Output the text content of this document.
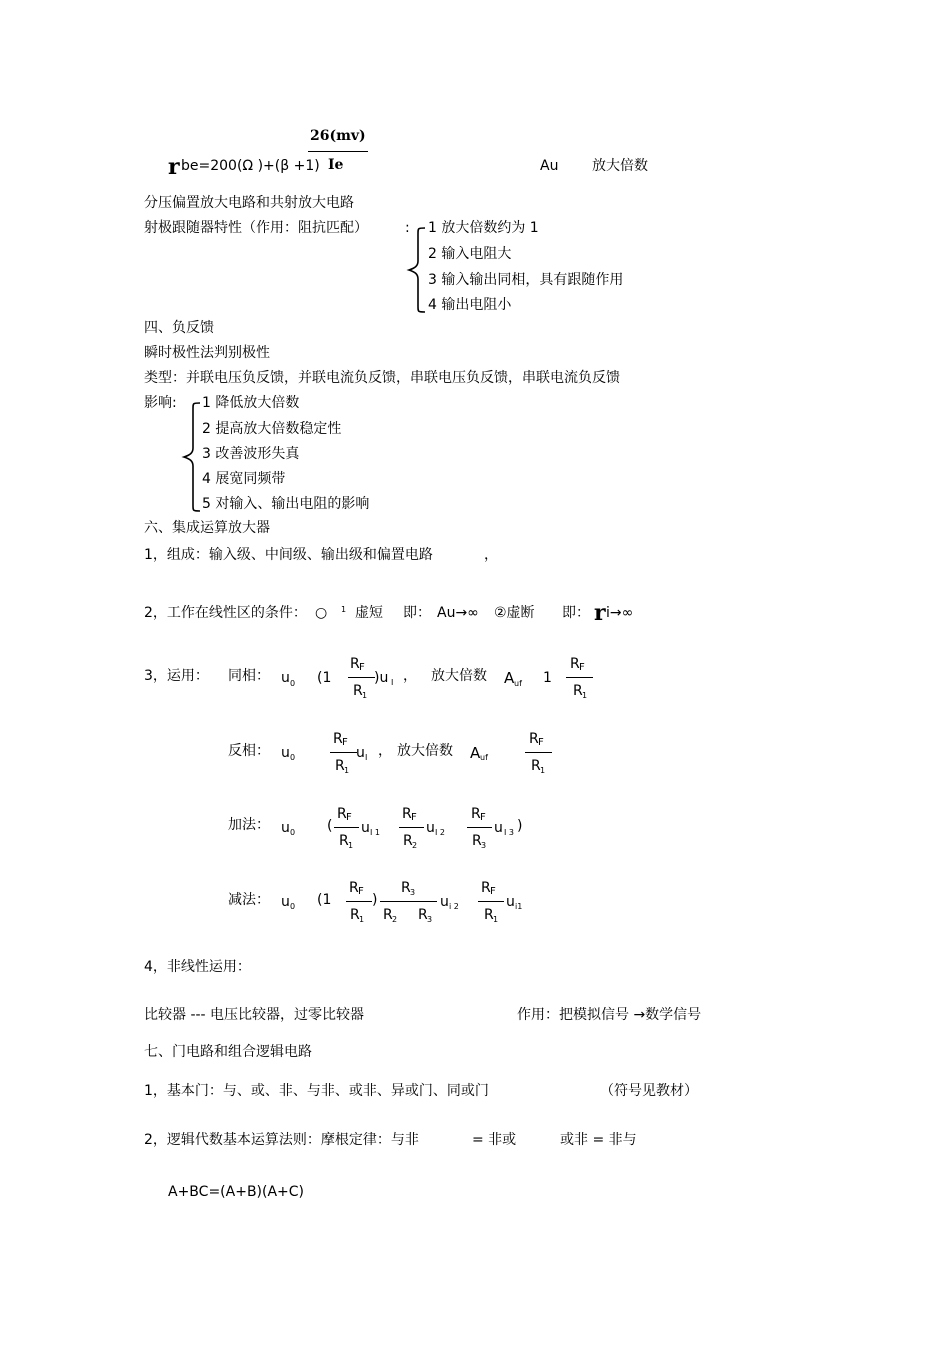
r be=200(Ω )+(β +1)
26(mv)
Ie	Au 放大倍数
分压偏置放大电路和共射放大电路
射极跟随器特性（作用：阻抗匹配）	: 1 放大倍数约为 1
2 输入电阻大
3 输入输出同相，具有跟随作用
4 输出电阻小
四、负反馈
瞬时极性法判别极性
类型：并联电压负反馈，并联电流负反馈，串联电压负反馈，串联电流负反馈
影响: 1 降低放大倍数
2 提高放大倍数稳定性
3 改善波形失真
4 展宽同频带
5 对输入、输出电阻的影响
六、集成运算放大器
1，组成：输入级、中间级、输出级和偏置电路	，
2，工作在线性区的条件： ○ 1 虚短 即： Au→∞ ②虚断 即： r i→∞
3，运用： 同相： u 0 (1
R F
R 1
)u I ， 放大倍数 A uf 1
R F
R 1
反相： u 0
R F
R 1
u I ， 放大倍数 A uf
R F
R 1
加法： u 0 (
R F
R 1
u I 1
R F
R 2
u I 2
R F
R 3
u I 3 )
减法： u 0 (1
R F
R 1
)
R 3
R 2 R 3
u i 2
R F
R 1
u i1
4，非线性运用：
比较器 --- 电压比较器，过零比较器	作用：把模拟信号 →数学信号
七、门电路和组合逻辑电路
1，基本门：与、或、非、与非、或非、异或门、同或门	（符号见教材）
2，逻辑代数基本运算法则：摩根定律：与非	= 非或	或非 = 非与
A+BC=(A+B)(A+C)
